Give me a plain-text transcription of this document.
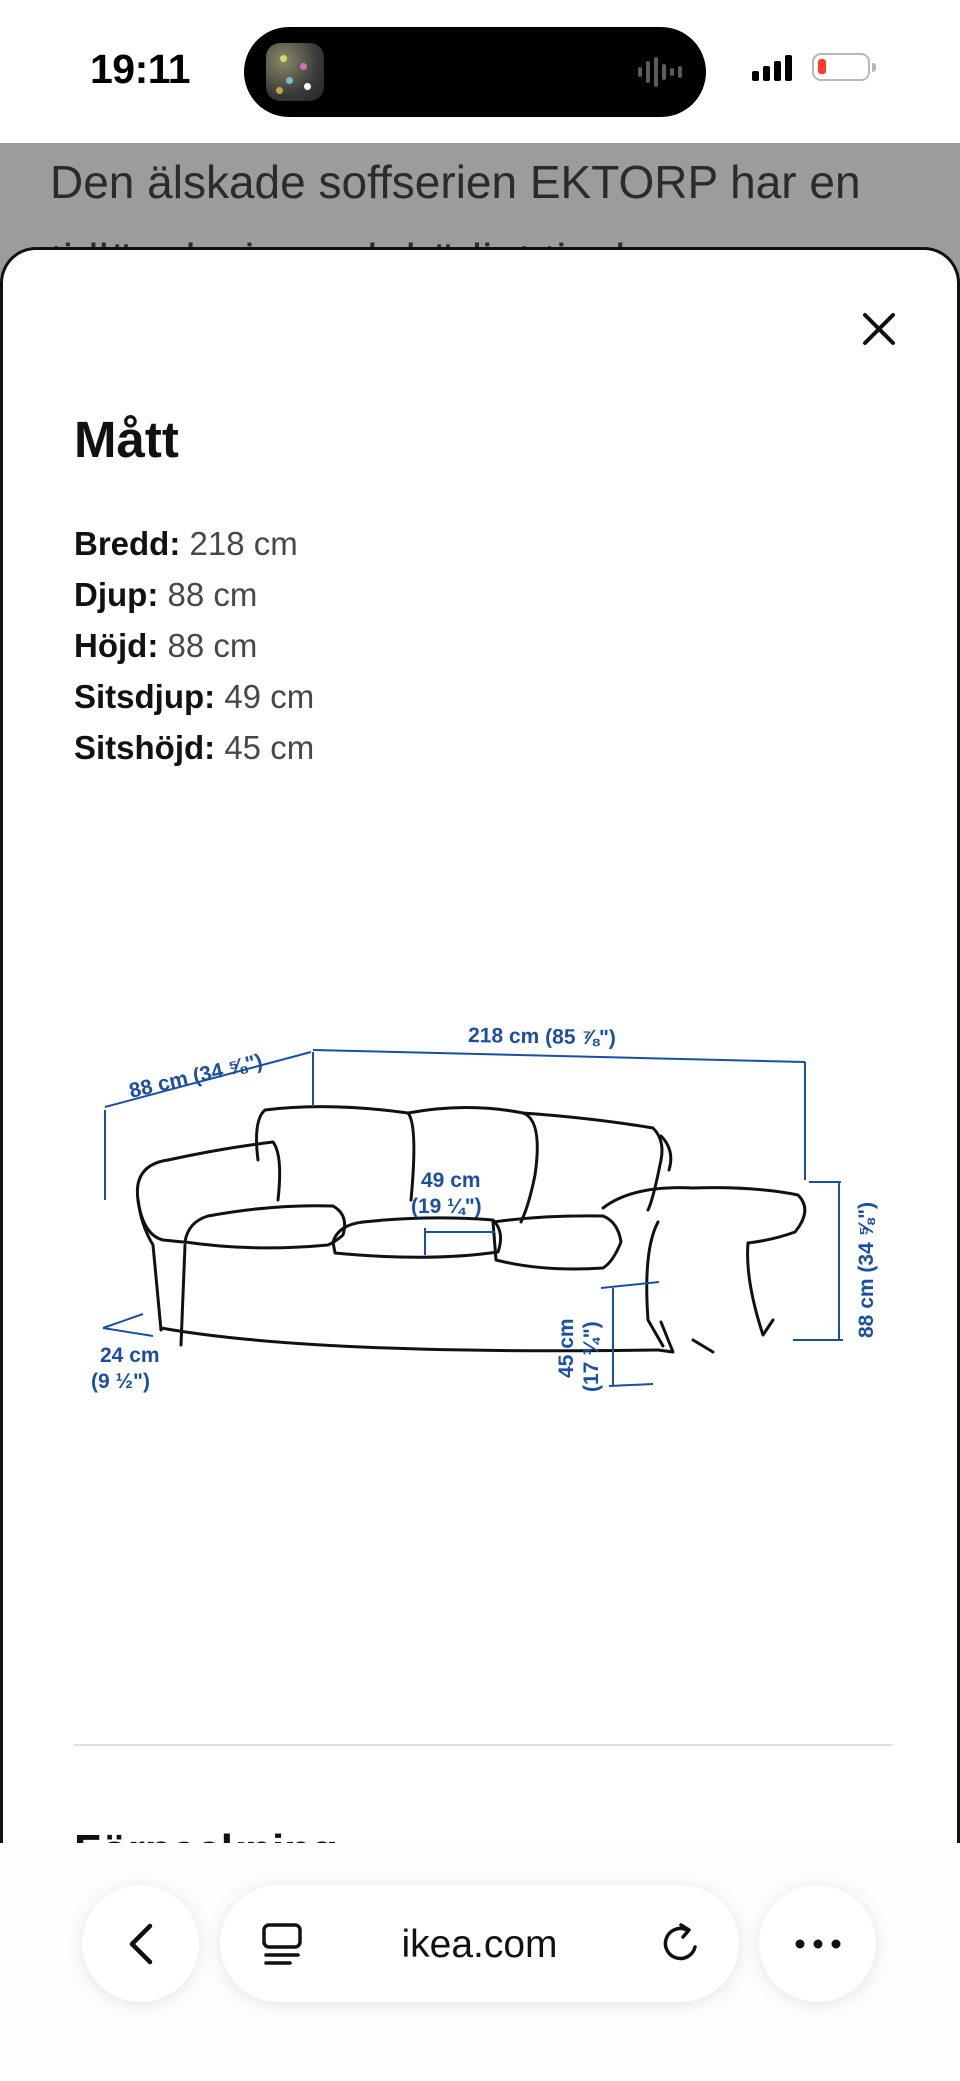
19:11

Den älskade soffserien EKTORP har en

Mått
Bredd: 218 cm
Djup: 88 cm
Höjd: 88 cm
Sitsdjup: 49 cm
Sitshöjd: 45 cm
88 cm (34 ⅝")
218 cm (85 ⅞")
49 cm
(19 ¼")	88 cm (34 ⅝")
45 cm (17 ¾")
24 cm
(9 ½")
ikea.com
